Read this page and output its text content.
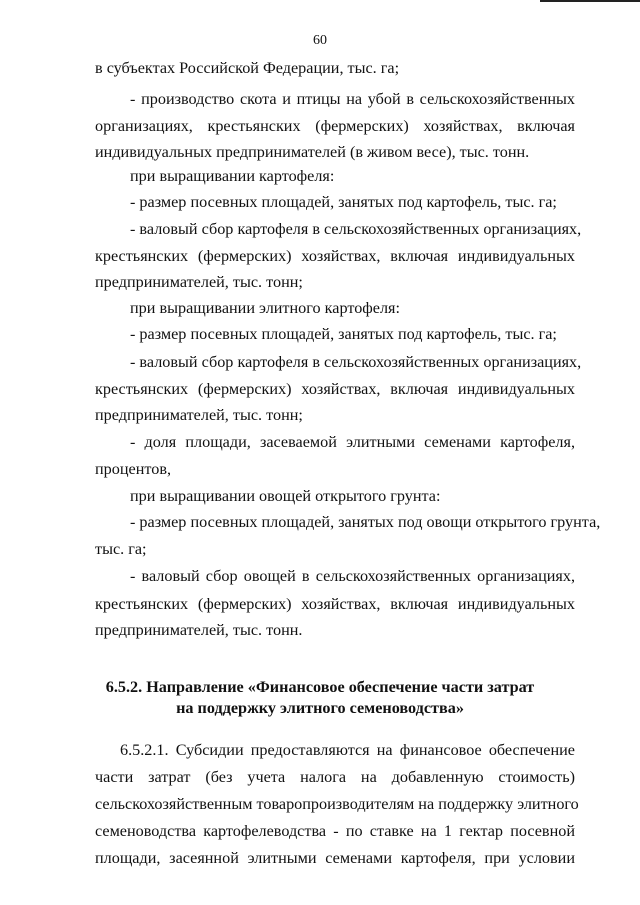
60
в субъектах Российской Федерации, тыс. га;
- производство скота и птицы на убой в сельскохозяйственных
организациях, крестьянских (фермерских) хозяйствах, включая
индивидуальных предпринимателей (в живом весе), тыс. тонн.
при выращивании картофеля:
- размер посевных площадей, занятых под картофель, тыс. га;
- валовый сбор картофеля в сельскохозяйственных организациях,
крестьянских (фермерских) хозяйствах, включая индивидуальных
предпринимателей, тыс. тонн;
при выращивании элитного картофеля:
- размер посевных площадей, занятых под картофель, тыс. га;
- валовый сбор картофеля в сельскохозяйственных организациях,
крестьянских (фермерских) хозяйствах, включая индивидуальных
предпринимателей, тыс. тонн;
- доля площади, засеваемой элитными семенами картофеля,
процентов,
при выращивании овощей открытого грунта:
- размер посевных площадей, занятых под овощи открытого грунта,
тыс. га;
- валовый сбор овощей в сельскохозяйственных организациях,
крестьянских (фермерских) хозяйствах, включая индивидуальных
предпринимателей, тыс. тонн.
6.5.2. Направление «Финансовое обеспечение части затрат
на поддержку элитного семеноводства»
6.5.2.1. Субсидии предоставляются на финансовое обеспечение
части затрат (без учета налога на добавленную стоимость)
сельскохозяйственным товаропроизводителям на поддержку элитного
семеноводства картофелеводства - по ставке на 1 гектар посевной
площади, засеянной элитными семенами картофеля, при условии
